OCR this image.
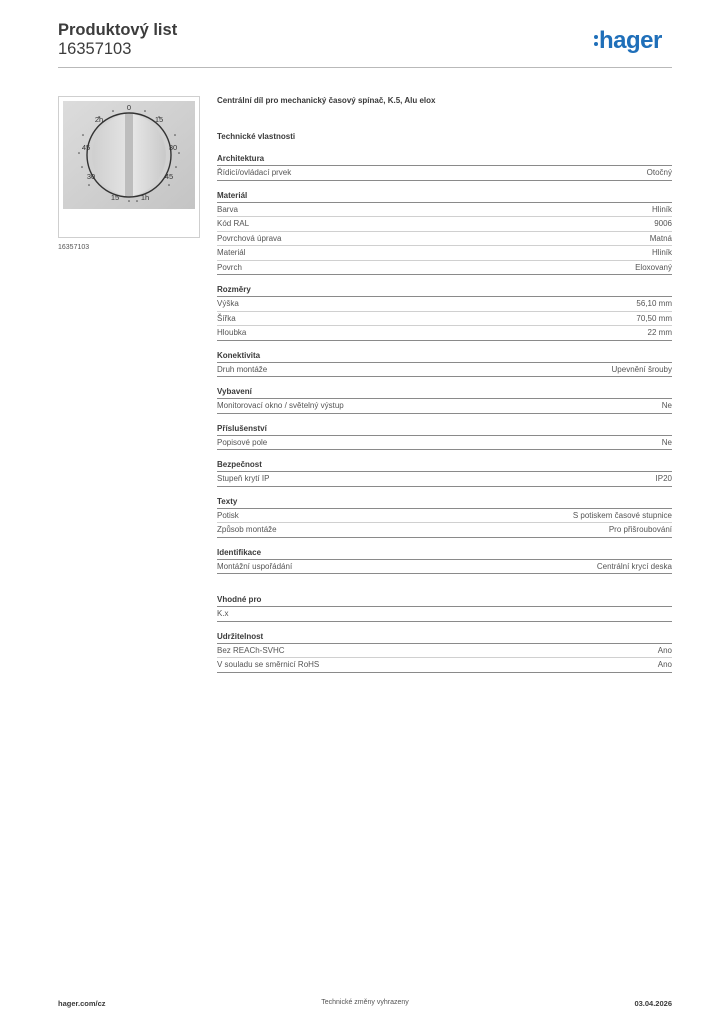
Produktový list
16357103	hager
0
2h	15
45	30
30	45
15	1h
16357103
Centrální díl pro mechanický časový spínač, K.5, Alu elox
Technické vlastnosti
Architektura
Řídicí/ovládací prvek	Otočný
Materiál
Barva	Hliník
Kód RAL	9006
Povrchová úprava	Matná
Materiál	Hliník
Povrch	Eloxovaný
Rozměry
Výška	56,10 mm
Šířka	70,50 mm
Hloubka	22 mm
Konektivita
Druh montáže	Upevnění šrouby
Vybavení
Monitorovací okno / světelný výstup	Ne
Příslušenství
Popisové pole	Ne
Bezpečnost
Stupeň krytí IP	IP20
Texty
Potisk	S potiskem časové stupnice
Způsob montáže	Pro přišroubování
Identifikace
Montážní uspořádání	Centrální krycí deska
Vhodné pro
K.x
Udržitelnost
Bez REACh-SVHC	Ano
V souladu se směrnicí RoHS	Ano
hager.com/cz	Technické změny vyhrazeny	03.04.2026
